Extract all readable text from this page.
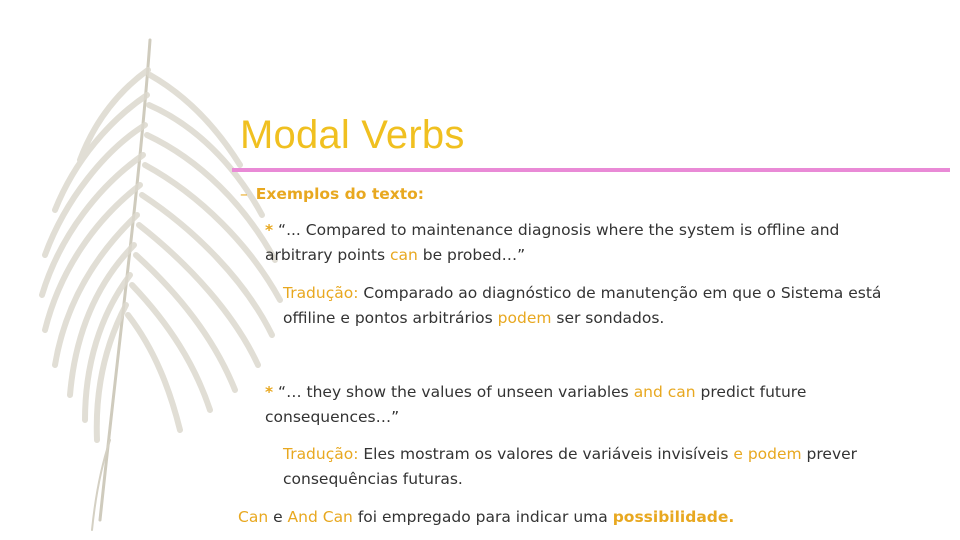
Modal Verbs
– Exemplos do texto:
* “... Compared to maintenance diagnosis where the system is offline and arbitrary points can be probed…”
Tradução: Comparado ao diagnóstico de manutenção em que o Sistema está offiline e pontos arbitrários podem ser sondados.
* “… they show the values of unseen variables and can predict future consequences…”
Tradução: Eles mostram os valores de variáveis invisíveis e podem prever consequências futuras.
Can e And Can foi empregado para indicar uma possibilidade.
